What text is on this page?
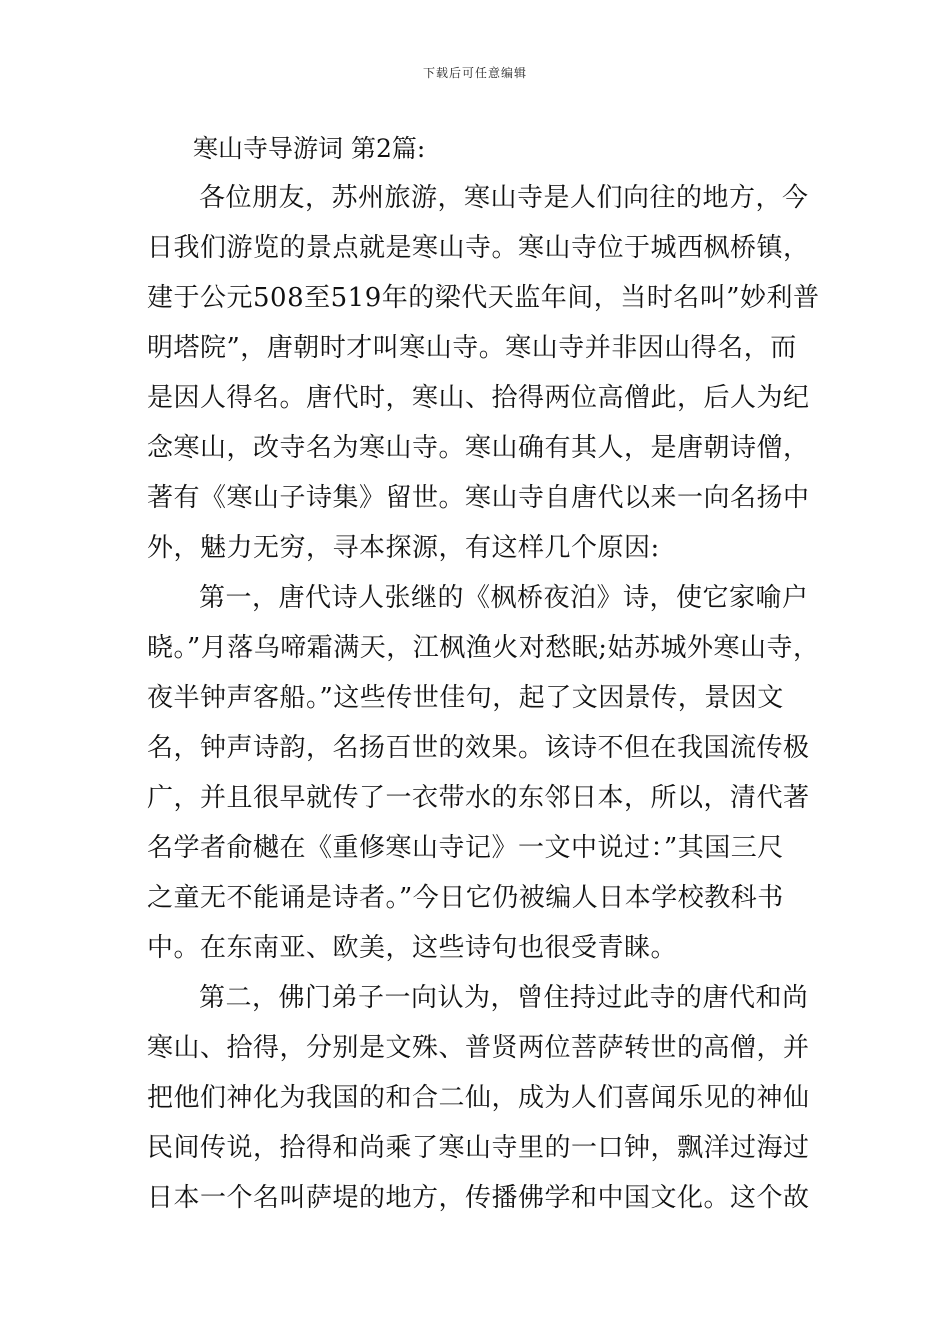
下载后可任意编辑
寒山寺导游词 第2篇:
各位朋友，苏州旅游，寒山寺是人们向往的地方，今
日我们游览的景点就是寒山寺。寒山寺位于城西枫桥镇，
建于公元508至519年的梁代天监年间，当时名叫”妙利普
明塔院”，唐朝时才叫寒山寺。寒山寺并非因山得名，而
是因人得名。唐代时，寒山、拾得两位高僧此，后人为纪
念寒山，改寺名为寒山寺。寒山确有其人，是唐朝诗僧，
著有《寒山子诗集》留世。寒山寺自唐代以来一向名扬中
外，魅力无穷，寻本探源，有这样几个原因:
第一，唐代诗人张继的《枫桥夜泊》诗，使它家喻户
晓。”月落乌啼霜满天，江枫渔火对愁眠;姑苏城外寒山寺，
夜半钟声客船。”这些传世佳句，起了文因景传，景因文
名，钟声诗韵，名扬百世的效果。该诗不但在我国流传极
广，并且很早就传了一衣带水的东邻日本，所以，清代著
名学者俞樾在《重修寒山寺记》一文中说过：”其国三尺
之童无不能诵是诗者。”今日它仍被编人日本学校教科书
中。在东南亚、欧美，这些诗句也很受青睐。
第二，佛门弟子一向认为，曾住持过此寺的唐代和尚
寒山、拾得，分别是文殊、普贤两位菩萨转世的高僧，并
把他们神化为我国的和合二仙，成为人们喜闻乐见的神仙
民间传说，拾得和尚乘了寒山寺里的一口钟，飘洋过海过
日本一个名叫萨堤的地方，传播佛学和中国文化。这个故
